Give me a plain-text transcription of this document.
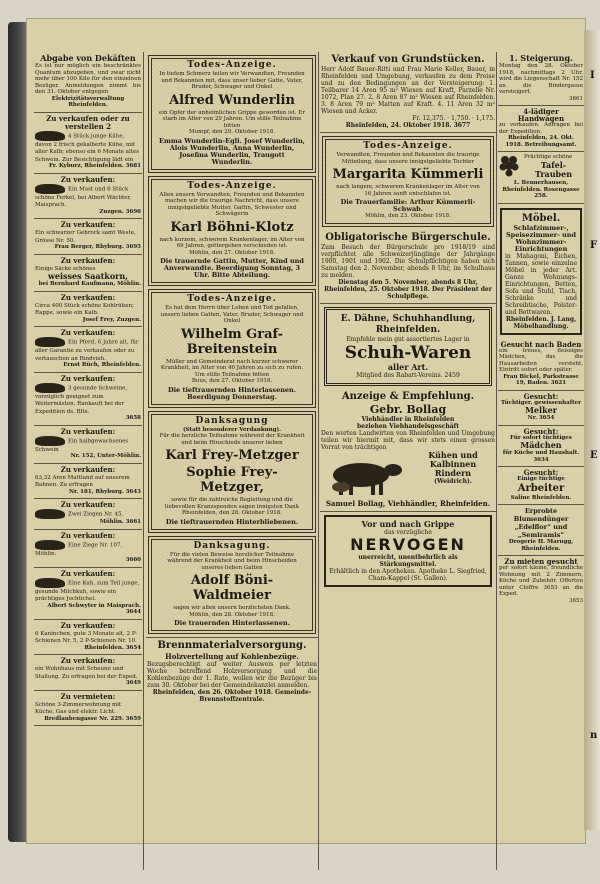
I
F
E
n
Abgabe von Dekäften

Es ist nur möglich ein beschränktes Quantum abzugeben, und zwar nicht mehr über 100 Kilo für den einzelnen Bezüger. Anmeldungen nimmt bis den 31. Oktober entgegen

Elektrizitätsverwaltung Rheinfelden.

Zu verkaufen oder zu verstellen 2

4 Stück junge Kühe, davon 2 frisch gekalberte Kühe, mit aller Kalb; ebenso ein 6 Monate altes Schwein. Zur Besichtigung lädt ein

Fr. Kyburz, Rheinfelden. 3681

Zu verkaufen:

Ein Mast und 6 Stück schöne Ferkel, bei Albert Wächter, Maisprach.

Zuzgen. 3696

Zu verkaufen:

Ein schwarzer Gehrock samt Weste, Grösse Nr. 50.

Frau Berger, Rhyburg. 3695

Zu verkaufen:

Einige Säcke schönes

weisses Saatkorn,

bei Bernhard Kaufmann, Möhlin.

Zu verkaufen:

Circa 400 Stück schöne Kohlrüben; Rappe, sowie ein Kalb.

Josef Frey, Zuzgen.

Zu verkaufen:

Ein Pferd, 6 Jahre alt, für aller Garantie zu verkaufen oder zu vertauschen an Rindvieh.

Ernst Rüch, Rheinfelden.

Zu verkaufen:

3 gesunde Schweine, vorzüglich geeignet zum Weitermästen. Rankauft bei der Expedition ds. Blts.

3658

Zu verkaufen:

Ein halbgewachsenes Schwein

Nr. 152, Unter-Möhlin.

Zu verkaufen:

63,32 Aren Mattland auf unserem Bahnen. Zu erfragen

Nr. 181, Rhyburg. 3643

Zu verkaufen:

Zwei Ziegen Nr. 45,

Möhlin. 3661

Zu verkaufen:

Eine Ziege Nr. 107, Möhlin.

3660

Zu verkaufen:

Eine Kuh, zum Teil junge, gesunde Milchkuh, sowie ein prächtiges Jochtichel.

Albert Schwyter in Maisprach. 3644

Zu verkaufen:

6 Kaninchen, gute 3 Monate alt, 2 P-Schienen Nr. 5, 2 P-Schienen Nr. 10.

Rheinfelden. 3654

Zu verkaufen:

ein Wohnhaus mit Scheune und Stallung. Zu erfragen bei der Exped.

3649

Zu vermieten:

Schöne 3-Zimmerwohnung mit Küche, Gas und elektr. Licht.

Bredlaubengasse Nr. 229. 3659

Todes-Anzeige.

In tiefem Schmerz teilen wir Verwandten, Freunden und Bekannten mit, dass unser lieber Gatte, Vater, Bruder, Schwager und Onkel

Alfred Wunderlin

ein Opfer der unheimlichen Grippe geworden ist. Er starb im Alter von 29 Jahren. Um stille Teilnahme bitten

Mumpf, den 29. Oktober 1918.

Emma Wunderlin-Egli. Josef Wunderlin, Alois Wunderlin, Anna Wunderlin, Josefina Wunderlin, Traugott Wunderlin.
Todes-Anzeige.

Allen unsern Verwandten, Freunden und Bekannten machen wir die traurige Nachricht, dass unsere innigstgeliebte Mutter, Gattin, Schwester und Schwägerin

Karl Böhni-Klotz

nach kurzem, schwerem Krankenlager, im Alter von 69 Jahren, gottergeben verschieden ist.

Möhlin, den 27. Oktober 1918.

Die trauernde Gattin, Mutter, Kind und Anverwandte. Beerdigung Sonntag, 3 Uhr. Bitte Abteilung.
Todes-Anzeige.

Es hat dem Herrn über Leben und Tod gefallen, unsern lieben Gatten, Vater, Bruder, Schwager und Onkel

Wilhelm Graf-Breitenstein

Müller und Gemeinderat nach kurzer schwerer Krankheit, im Alter von 40 Jahren zu sich zu rufen. Um stille Teilnahme bitten

Buus, den 27. Oktober 1918.

Die tieftrauernden Hinterlassenen. Beerdigung Donnerstag.
Danksagung

(Statt besonderer Verdankung).

Für die herzliche Teilnahme während der Krankheit und beim Hinschiede unserer lieben

Karl Frey-Metzger
Sophie Frey-Metzger,

sowie für die zahlreiche Begleitung und die liebevollen Kranzspenden sagen innigsten Dank

Rheinfelden, den 28. Oktober 1918.

Die tieftrauernden Hinterbliebenen.
Danksagung.

Für die vielen Beweise herzlicher Teilnahme während der Krankheit und beim Hinscheiden unseres lieben Gatten

Adolf Böni-Waldmeier

sagen wir allen unsern herzlichsten Dank.

Möhlin, den 28. Oktober 1918.

Die trauernden Hinterlassenen.
Brennmaterialversorgung.
Holzvertellung auf Kohlenbezüge.

Bezugsberechtigt auf weiter Ausweis per letzten Woche betreffend Holzversorgung und die Kohlenbezüge der 1. Rate, wollen wir die Bezüger bis zum 30. Oktober bei der Gemeindekanzlei anmelden.

Rheinfelden, den 26. Oktober 1918. Gemeinde-Brennstoffzentrale.

Verkauf von Grundstücken.

Herr Adolf Bauer-Ritti und Frau Marie Keller, Bauer, in Rheinfelden und Umgebung, verkaufen zu dem Preise und zu den Bedingungen an der Versteigerung: 1. Teilbarer 14 Aren 95 m² Wiesen auf Kraft, Parzelle Nr. 1072, Plan 27. 2. 8 Aren 87 m² Wiesen auf Rheinfelden. 3. 8 Aren 79 m² Matten auf Kraft. 4. 11 Aren 32 m² Wiesen und Acker.

Fr. 12,375. · 1,750. · 1,175.

Rheinfelden, 24. Oktober 1918. 3677

Todes-Anzeige.

Verwandten, Freunden und Bekannten die traurige Mitteilung, dass unsere innigstgeliebte Tochter

Margarita Kümmerli

nach langem, schwerem Krankenlager im Alter von 16 Jahren sanft entschlafen ist.

Die Trauerfamilie: Arthur Kümmerli-Schwab.

Möhlin, den 23. Oktober 1918.

Obligatorische Bürgerschule.

Zum Besuch der Bürgerschule pro 1918/19 sind verpflichtet alle Schweizerjünglinge der Jahrgänge 1900, 1901 und 1902. Die Schulpflichtigen haben sich Samstag den 2. November, abends 8 Uhr, im Schulhaus zu melden.

Dienstag den 5. November, abends 8 Uhr,

Rheinfelden, 25. Oktober 1918. Der Präsident der Schulpflege.

E. Dähne, Schuhhandlung, Rheinfelden.

Empfehle mein gut assortiertes Lager in

Schuh-Waren
aller Art.

Mitglied des Rabatt-Vereins. 2459

Anzeige & Empfehlung.
Gebr. Bollag
Viehhändler in Rheinfelden
beziehen Viehhandelsgeschäft

Den werten Landwirten von Rheinfelden und Umgebung teilen wir hiermit mit, dass wir stets einen grossen Vorrat von trächtigen

Kühen und Kalbinnen
Rindern
(Weidrich).
Samuel Bollag, Viehhändler, Rheinfelden.
Vor und nach Grippe

das vorzügliche

NERVOGEN

unerreicht, unentbehrlich als Stärkungsmittel.

Erhältlich in den Apotheken. Apotheke L. Siegfried, Cham-Kappel (St. Gallen).

1. Steigerung.

Montag den 28. Oktober 1918, nachmittags 2 Uhr, wird die Liegenschaft Nr. 152 an die Bindergasse versteigert.

3661

4-lädiger Handwagen

zu verkaufen. Anfragen bei der Expedition.

Rheinfelden, 24. Okt. 1918. Betreibungsamt.

Prächtige schöne

Tafel-Trauben

L. Bennerhausen, Rheinfelden. Rosengasse 258.

Möbel.
Schlafzimmer-, Speisezimmer- und Wohnzimmer-Einrichtungen

in Mahagoni, Eichen, Tannen, sowie einzelne Möbel in jeder Art. Ganze Wohnungs-Einrichtungen, Betten, Sofa und Stuhl, Tisch, Schränke und Schreibtische, Polster- und Bettwaren.

Rheinfelden. J. Lang, Möbelhandlung.

Gesucht nach Baden

ein treues, fleissiges Mädchen, das die Hausarbeiten versteht. Eintritt sofort oder später.

Frau Bickel, Parkstrasse 19, Baden. 3621

Gesucht:

Tüchtiger, gewissenhafter

Melker

Nr. 3654

Gesucht:

Für sofort tüchtiges

Mädchen

für Küche und Haushalt. 3634

Gesucht:

Einige tüchtige

Arbeiter

Saline Rheinfelden.

Erprobte Blumendünger „Edelflor“ und „Semiramis“

Drogerie H. Marugg, Rheinfelden.

Zu mieten gesucht

per sofort kleine, freundliche Wohnung mit 2 Zimmern, Küche und Zubehör. Offerten unter Chiffre 3653 an die Exped.

3653
